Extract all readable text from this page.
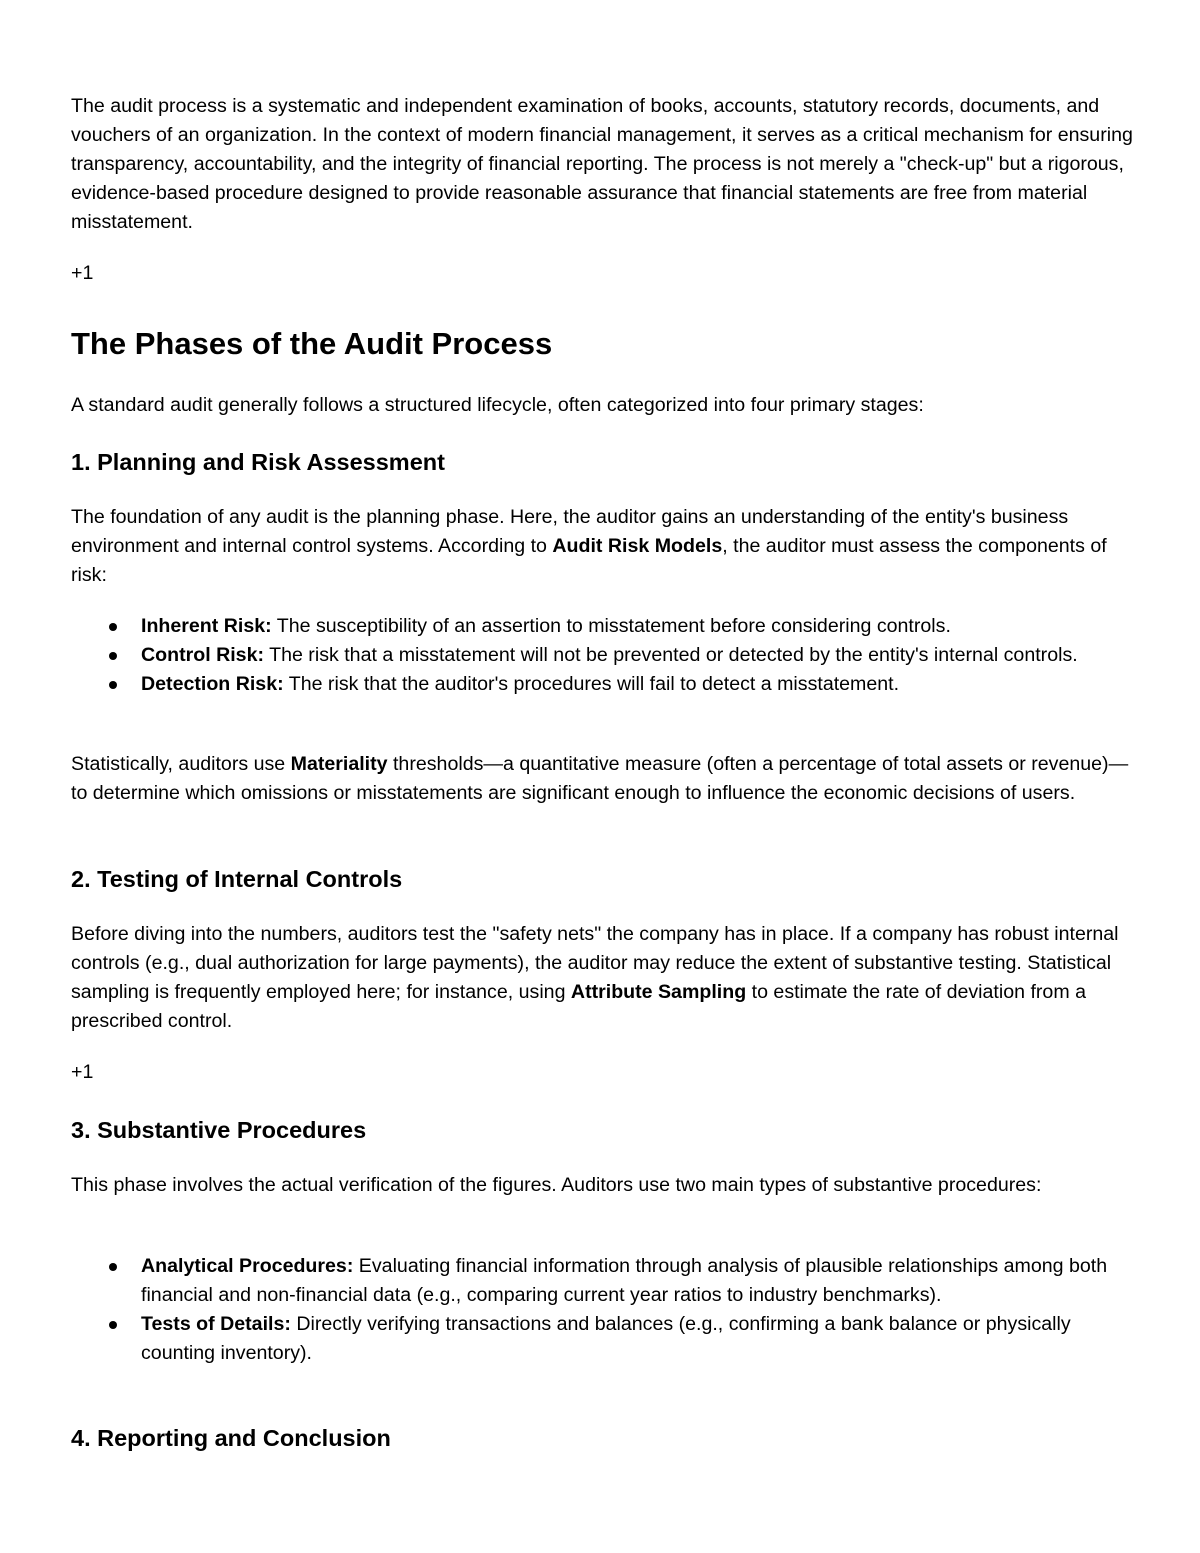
The audit process is a systematic and independent examination of books, accounts, statutory records, documents, and vouchers of an organization. In the context of modern financial management, it serves as a critical mechanism for ensuring transparency, accountability, and the integrity of financial reporting. The process is not merely a "check-up" but a rigorous, evidence-based procedure designed to provide reasonable assurance that financial statements are free from material misstatement.

+1

The Phases of the Audit Process

A standard audit generally follows a structured lifecycle, often categorized into four primary stages:

1. Planning and Risk Assessment

The foundation of any audit is the planning phase. Here, the auditor gains an understanding of the entity's business environment and internal control systems. According to Audit Risk Models, the auditor must assess the components of risk:

Inherent Risk: The susceptibility of an assertion to misstatement before considering controls.
Control Risk: The risk that a misstatement will not be prevented or detected by the entity's internal controls.
Detection Risk: The risk that the auditor's procedures will fail to detect a misstatement.

Statistically, auditors use Materiality thresholds—a quantitative measure (often a percentage of total assets or revenue)—to determine which omissions or misstatements are significant enough to influence the economic decisions of users.

2. Testing of Internal Controls

Before diving into the numbers, auditors test the "safety nets" the company has in place. If a company has robust internal controls (e.g., dual authorization for large payments), the auditor may reduce the extent of substantive testing. Statistical sampling is frequently employed here; for instance, using Attribute Sampling to estimate the rate of deviation from a prescribed control.

+1

3. Substantive Procedures

This phase involves the actual verification of the figures. Auditors use two main types of substantive procedures:

Analytical Procedures: Evaluating financial information through analysis of plausible relationships among both financial and non-financial data (e.g., comparing current year ratios to industry benchmarks).
Tests of Details: Directly verifying transactions and balances (e.g., confirming a bank balance or physically counting inventory).
4. Reporting and Conclusion
